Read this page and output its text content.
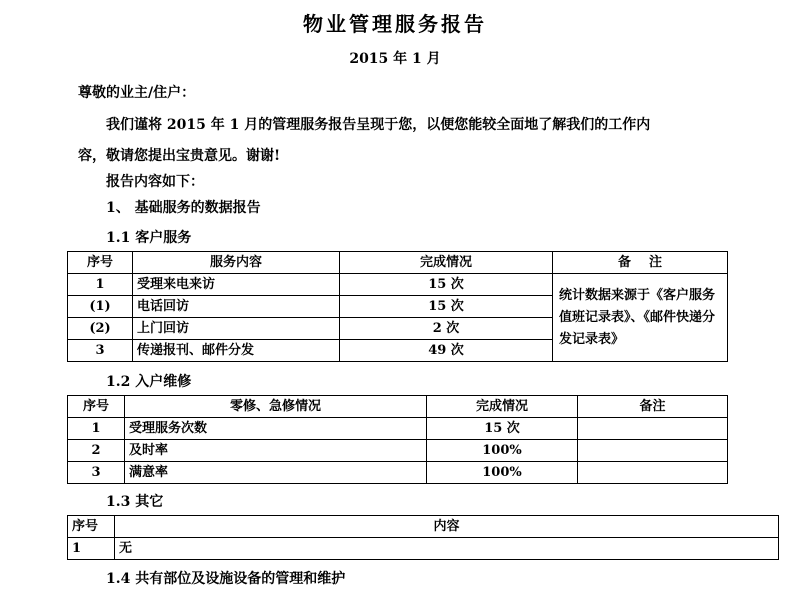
物业管理服务报告
2015 年 1 月
尊敬的业主/住户：
我们谨将 2015 年 1 月的管理服务报告呈现于您，以便您能较全面地了解我们的工作内
容，敬请您提出宝贵意见。谢谢!
报告内容如下：
1、 基础服务的数据报告
1.1 客户服务
序号	服务内容	完成情况	备    注
1	受理来电来访	15 次	统计数据来源于《客户服务值班记录表》、《邮件快递分发记录表》
(1)	电话回访	15 次	
(2)	上门回访	2 次	
3	传递报刊、邮件分发	49 次	
1.2 入户维修
序号	零修、急修情况	完成情况	备注
1	受理服务次数	15 次	
2	及时率	100%	
3	满意率	100%	
1.3 其它
序号	内容
1	无
1.4 共有部位及设施设备的管理和维护
